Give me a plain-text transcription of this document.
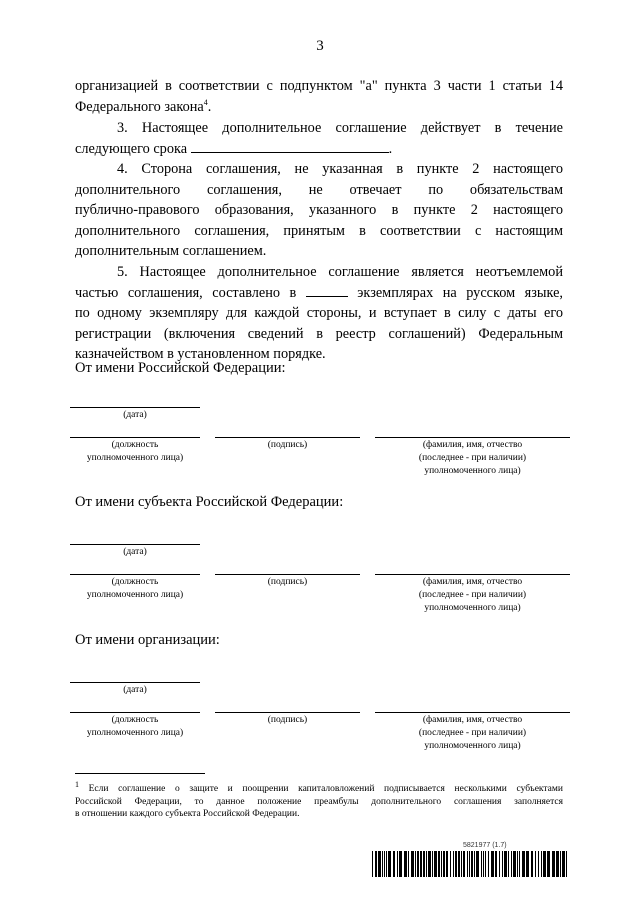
3
организацией в соответствии с подпунктом "а" пункта 3 части 1 статьи 14
Федерального закона$^4$.
3. Настоящее дополнительное соглашение действует в течение
следующего срока	.
4. Сторона соглашения, не указанная в пункте 2 настоящего
дополнительного соглашения, не отвечает по обязательствам
публично-правового образования, указанного в пункте 2 настоящего
дополнительного соглашения, принятым в соответствии с настоящим
дополнительным соглашением.
5. Настоящее дополнительное соглашение является неотъемлемой
частью соглашения, составлено в	экземплярах на русском языке,
по одному экземпляру для каждой стороны, и вступает в силу с даты его
регистрации (включения сведений в реестр соглашений) Федеральным
казначейством в установленном порядке.
От имени Российской Федерации:
(дата)
(должность
уполномоченного лица)
(подпись)	(фамилия, имя, отчество
(последнее - при наличии)
уполномоченного лица)
От имени субъекта Российской Федерации:
(дата)
(должность
уполномоченного лица)
(подпись)	(фамилия, имя, отчество
(последнее - при наличии)
уполномоченного лица)
От имени организации:
(дата)
(должность
уполномоченного лица)
(подпись)	(фамилия, имя, отчество
(последнее - при наличии)
уполномоченного лица)
$^1$ Если соглашение о защите и поощрении капиталовложений подписывается несколькими субъектами
Российской Федерации, то данное положение преамбулы дополнительного соглашения заполняется
в отношении каждого субъекта Российской Федерации.
5821977 (1.7)
